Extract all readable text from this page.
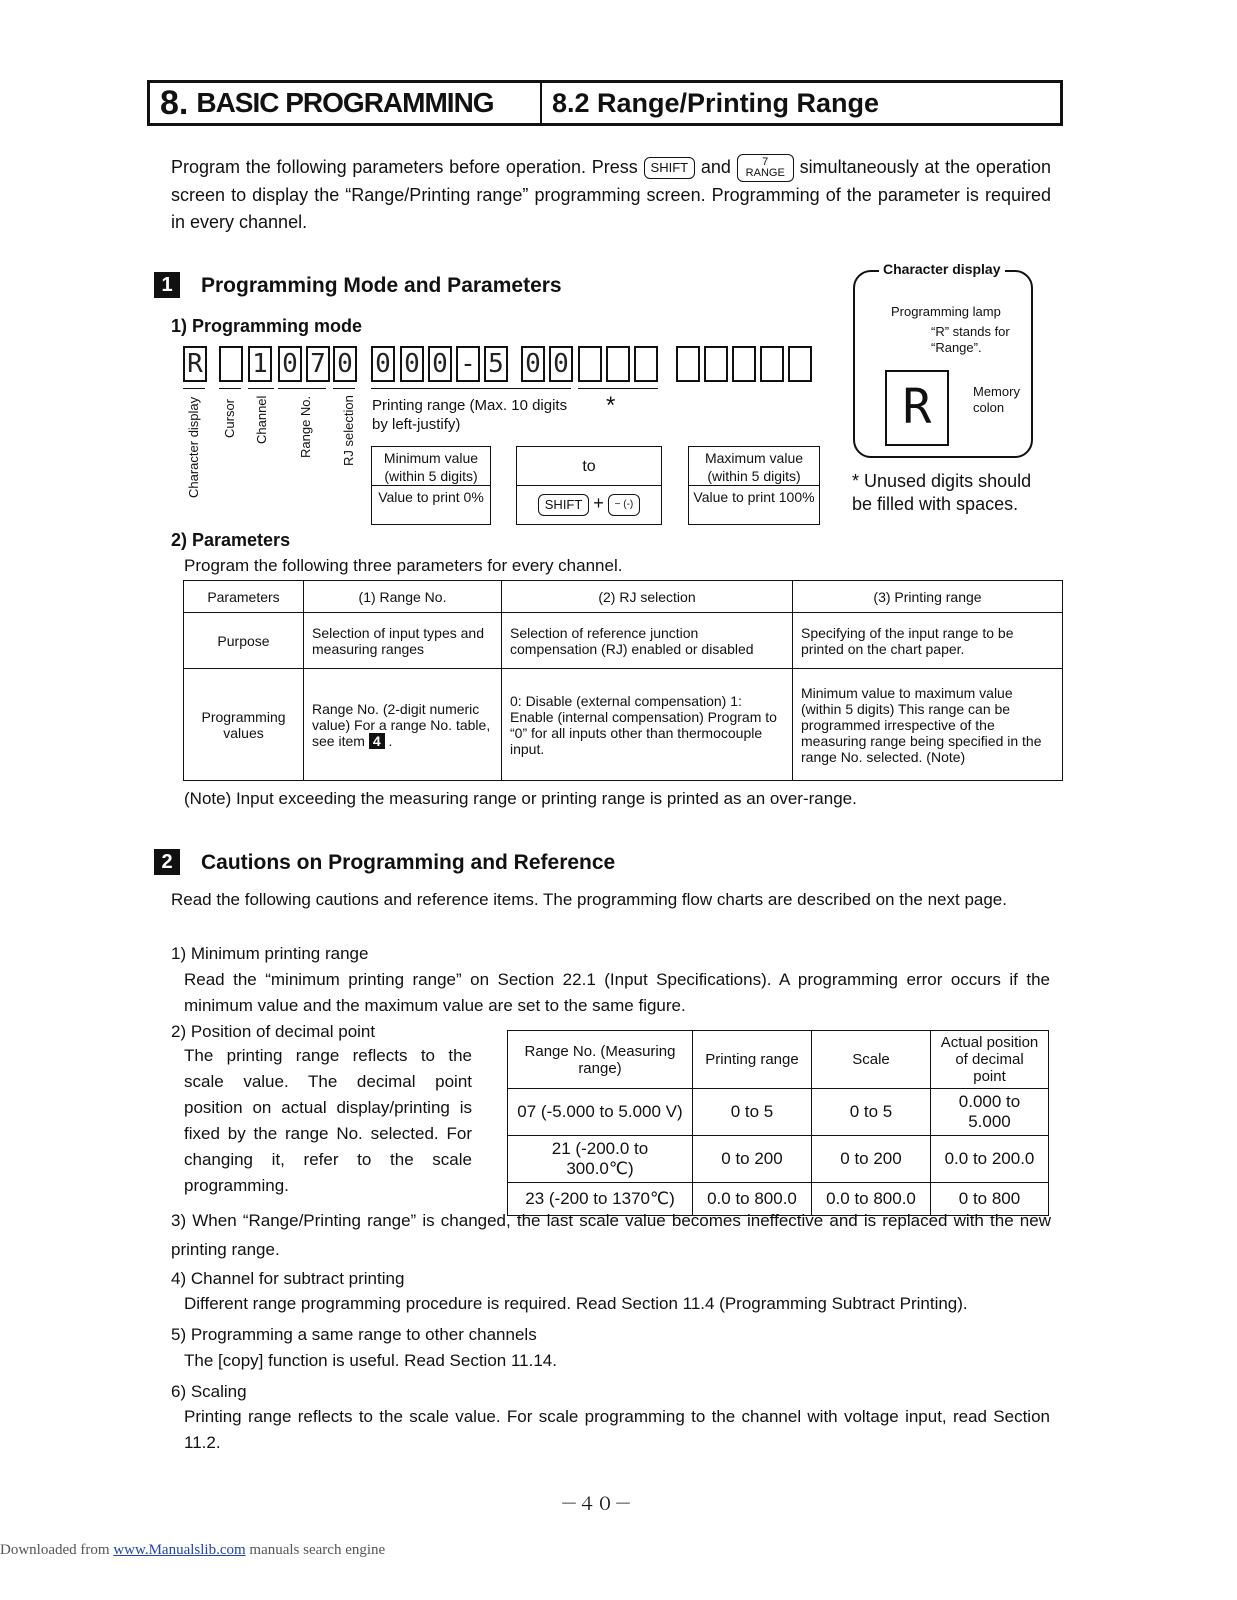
8. BASIC PROGRAMMING	8.2 Range/Printing Range
Program the following parameters before operation. Press SHIFT and	7
RANGE simultaneously at the operation screen to display the “Range/Printing range” programming screen. Programming of the parameter is required in every channel.
1	Programming Mode and Parameters
1) Programming mode
R 1 0 7 0 0 0 0 - 5 0 0
.
Character display Cursor Channel Range No. RJ selection Printing range (Max. 10 digits by left-justify)
*
Minimum value (within 5 digits)
Value to print 0%
to
SHIFT + − (-)
Maximum value (within 5 digits)
Value to print 100%
Character display
Programming lamp
“R” stands for “Range”.
R	Memory colon
* Unused digits should be filled with spaces.
2) Parameters
Program the following three parameters for every channel.
Parameters	(1) Range No.	(2) RJ selection	(3) Printing range
Purpose	Selection of input types and measuring ranges	Selection of reference junction compensation (RJ) enabled or disabled	Specifying of the input range to be printed on the chart paper.
Programming values	Range No. (2-digit numeric value) For a range No. table, see item 4 .	0: Disable (external compensation) 1: Enable (internal compensation) Program to “0” for all inputs other than thermocouple input.	Minimum value to maximum value (within 5 digits) This range can be programmed irrespective of the measuring range being specified in the range No. selected. (Note)
(Note) Input exceeding the measuring range or printing range is printed as an over-range.
2	Cautions on Programming and Reference
Read the following cautions and reference items. The programming flow charts are described on the next page.
1) Minimum printing range
Read the “minimum printing range” on Section 22.1 (Input Specifications). A programming error occurs if the minimum value and the maximum value are set to the same figure.
2) Position of decimal point
The printing range reflects to the scale value. The decimal point position on actual display/printing is fixed by the range No. selected. For changing it, refer to the scale programming.
Range No. (Measuring range)	Printing range	Scale	Actual position of decimal point
07 (-5.000 to 5.000 V)	0 to 5	0 to 5	0.000 to 5.000
21 (-200.0 to 300.0℃)	0 to 200	0 to 200	0.0 to 200.0
23 (-200 to 1370℃)	0.0 to 800.0	0.0 to 800.0	0 to 800
3) When “Range/Printing range” is changed, the last scale value becomes ineffective and is replaced with the new printing range.
4) Channel for subtract printing
Different range programming procedure is required. Read Section 11.4 (Programming Subtract Printing).
5) Programming a same range to other channels
The [copy] function is useful. Read Section 11.14.
6) Scaling
Printing range reflects to the scale value. For scale programming to the channel with voltage input, read Section 11.2.
－４０－
Downloaded from www.Manualslib.com manuals search engine
